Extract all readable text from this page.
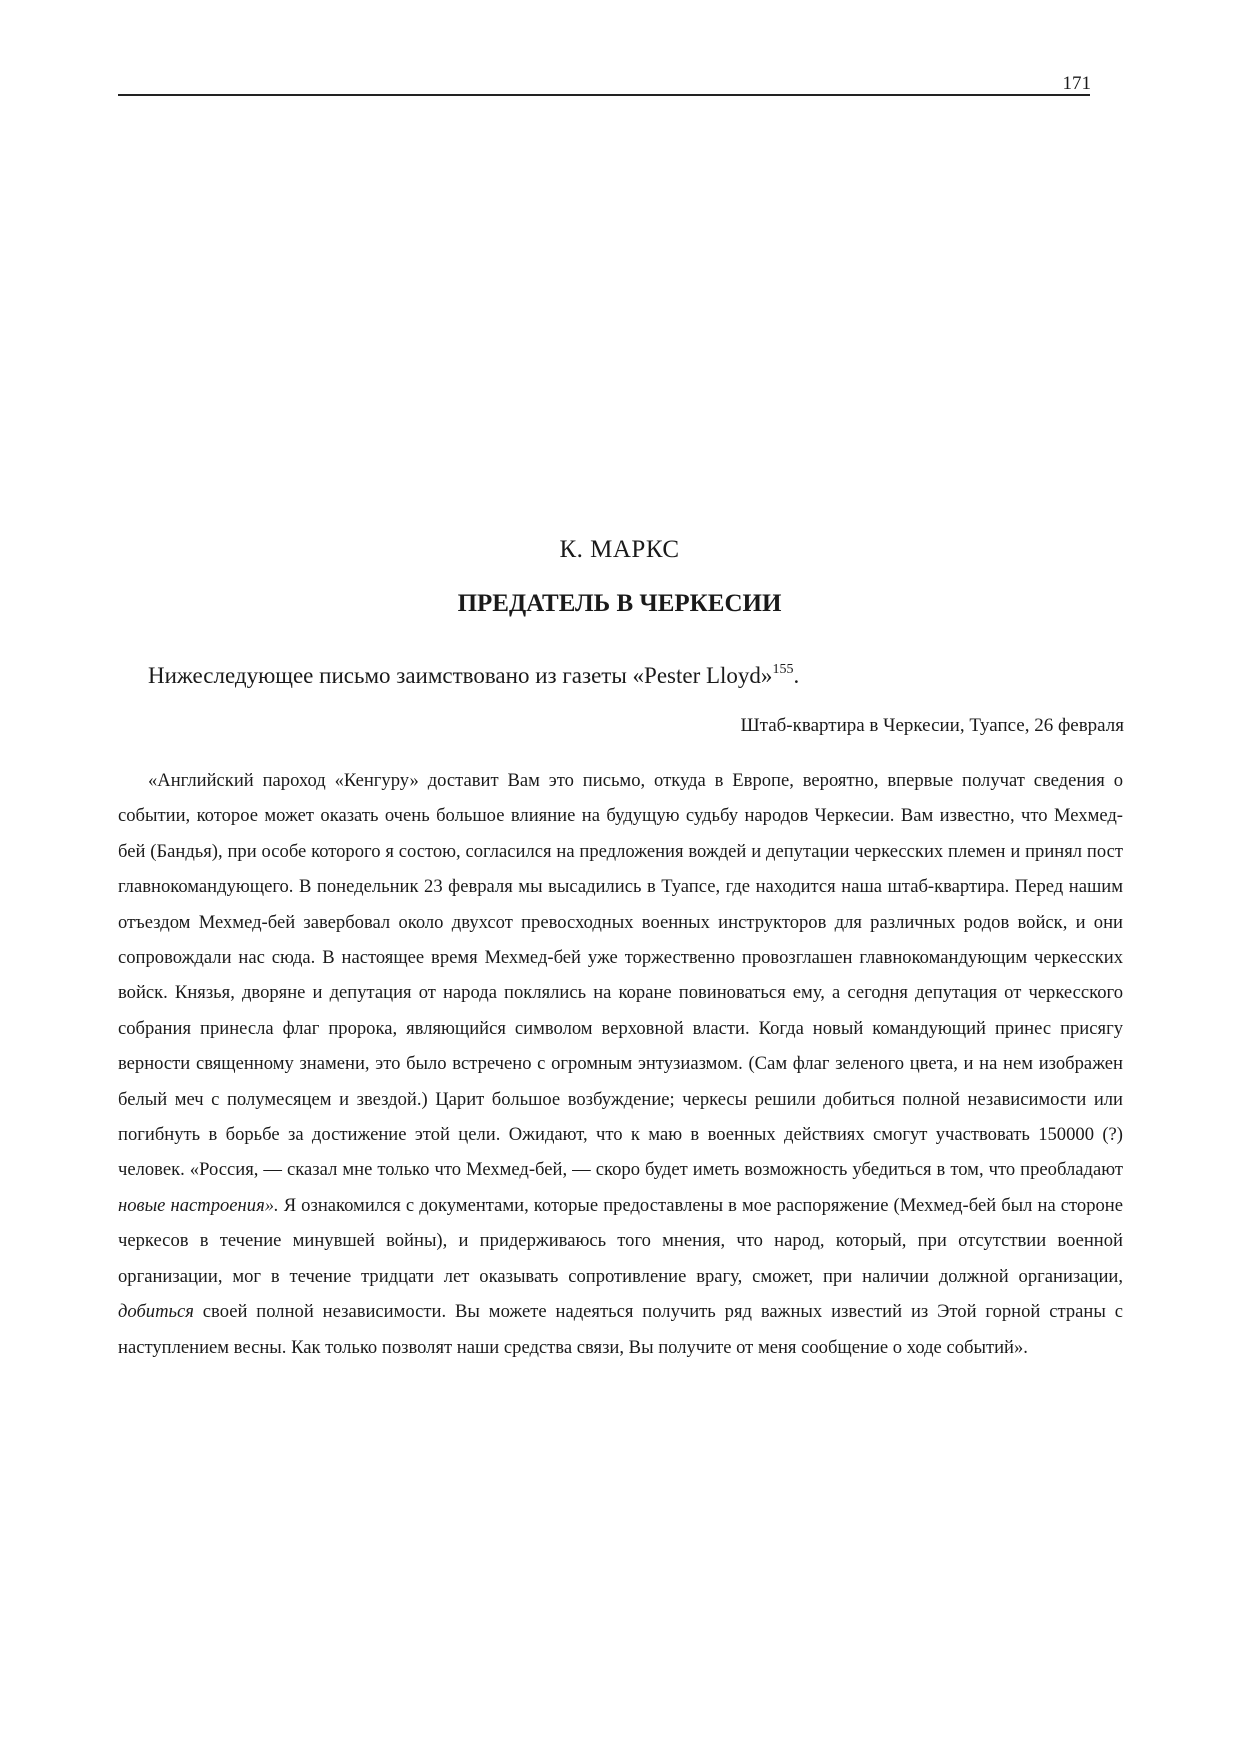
171
К. МАРКС
ПРЕДАТЕЛЬ В ЧЕРКЕСИИ
Нижеследующее письмо заимствовано из газеты «Pester Lloyd»$^{155}$.
Штаб-квартира в Черкесии, Туапсе, 26 февраля

«Английский пароход «Кенгуру» доставит Вам это письмо, откуда в Европе, вероятно, впервые получат сведения о событии, которое может оказать очень большое влияние на будущую судьбу народов Черкесии. Вам известно, что Мехмед-бей (Бандья), при особе которого я состою, согласился на предложения вождей и депутации черкесских племен и принял пост главнокомандующего. В понедельник 23 февраля мы высадились в Туапсе, где находится наша штаб-квартира. Перед нашим отъездом Мехмед-бей завербовал около двухсот превосходных военных инструкторов для различных родов войск, и они сопровождали нас сюда. В настоящее время Мехмед-бей уже торжественно провозглашен главнокомандующим черкесских войск. Князья, дворяне и депутация от народа поклялись на коране повиноваться ему, а сегодня депутация от черкесского собрания принесла флаг пророка, являющийся символом верховной власти. Когда новый командующий принес присягу верности священному знамени, это было встречено с огромным энтузиазмом. (Сам флаг зеленого цвета, и на нем изображен белый меч с полумесяцем и звездой.) Царит большое возбуждение; черкесы решили добиться полной независимости или погибнуть в борьбе за достижение этой цели. Ожидают, что к маю в военных действиях смогут участвовать 150000 (?) человек. «Россия, — сказал мне только что Мехмед-бей, — скоро будет иметь возможность убедиться в том, что преобладают новые настроения». Я ознакомился с документами, которые предоставлены в мое распоряжение (Мехмед-бей был на стороне черкесов в течение минувшей войны), и придерживаюсь того мнения, что народ, который, при отсутствии военной организации, мог в течение тридцати лет оказывать сопротивление врагу, сможет, при наличии должной организации, добиться своей полной независимости. Вы можете надеяться получить ряд важных известий из Этой горной страны с наступлением весны. Как только позволят наши средства связи, Вы получите от меня сообщение о ходе событий».
